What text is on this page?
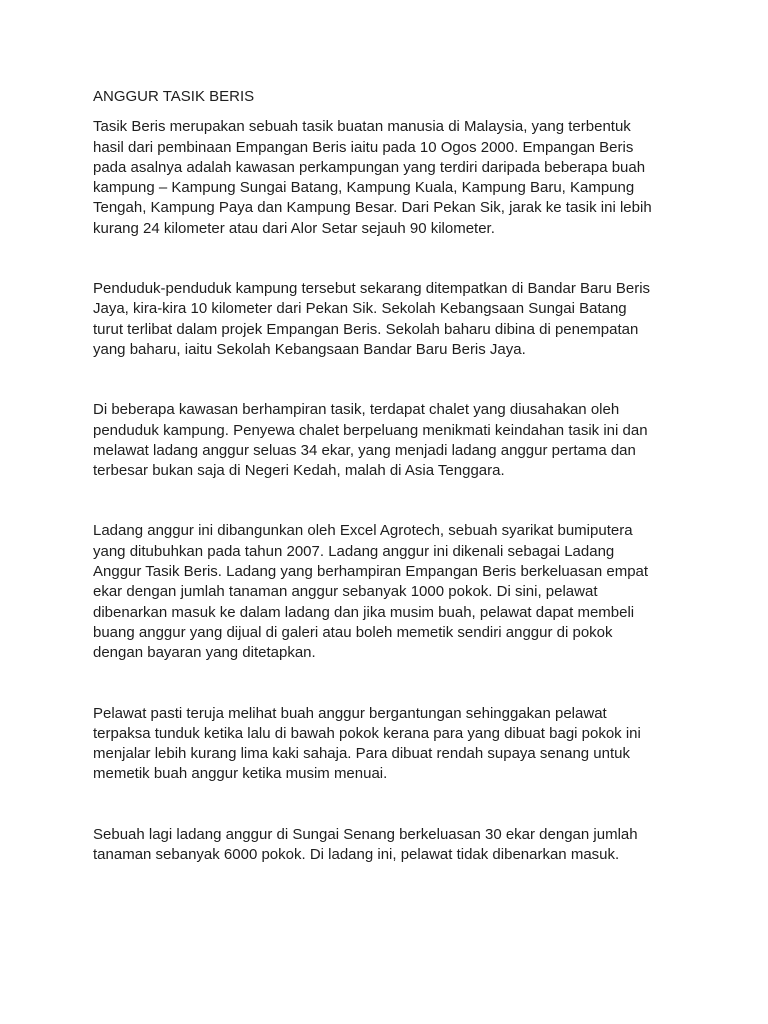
ANGGUR TASIK BERIS

Tasik Beris merupakan sebuah tasik buatan manusia di Malaysia, yang terbentuk
hasil dari pembinaan Empangan Beris iaitu pada 10 Ogos 2000. Empangan Beris
pada asalnya adalah kawasan perkampungan yang terdiri daripada beberapa buah
kampung – Kampung Sungai Batang, Kampung Kuala, Kampung Baru, Kampung
Tengah, Kampung Paya dan Kampung Besar. Dari Pekan Sik, jarak ke tasik ini lebih
kurang 24 kilometer atau dari Alor Setar sejauh 90 kilometer.

Penduduk-penduduk kampung tersebut sekarang ditempatkan di Bandar Baru Beris
Jaya, kira-kira 10 kilometer dari Pekan Sik. Sekolah Kebangsaan Sungai Batang
turut terlibat dalam projek Empangan Beris. Sekolah baharu dibina di penempatan
yang baharu, iaitu Sekolah Kebangsaan Bandar Baru Beris Jaya.

Di beberapa kawasan berhampiran tasik, terdapat chalet yang diusahakan oleh
penduduk kampung. Penyewa chalet berpeluang menikmati keindahan tasik ini dan
melawat ladang anggur seluas 34 ekar, yang menjadi ladang anggur pertama dan
terbesar bukan saja di Negeri Kedah, malah di Asia Tenggara.

Ladang anggur ini dibangunkan oleh Excel Agrotech, sebuah syarikat bumiputera
yang ditubuhkan pada tahun 2007. Ladang anggur ini dikenali sebagai Ladang
Anggur Tasik Beris. Ladang yang berhampiran Empangan Beris berkeluasan empat
ekar dengan jumlah tanaman anggur sebanyak 1000 pokok. Di sini, pelawat
dibenarkan masuk ke dalam ladang dan jika musim buah, pelawat dapat membeli
buang anggur yang dijual di galeri atau boleh memetik sendiri anggur di pokok
dengan bayaran yang ditetapkan.

Pelawat pasti teruja melihat buah anggur bergantungan sehinggakan pelawat
terpaksa tunduk ketika lalu di bawah pokok kerana para yang dibuat bagi pokok ini
menjalar lebih kurang lima kaki sahaja. Para dibuat rendah supaya senang untuk
memetik buah anggur ketika musim menuai.

Sebuah lagi ladang anggur di Sungai Senang berkeluasan 30 ekar dengan jumlah
tanaman sebanyak 6000 pokok. Di ladang ini, pelawat tidak dibenarkan masuk.
